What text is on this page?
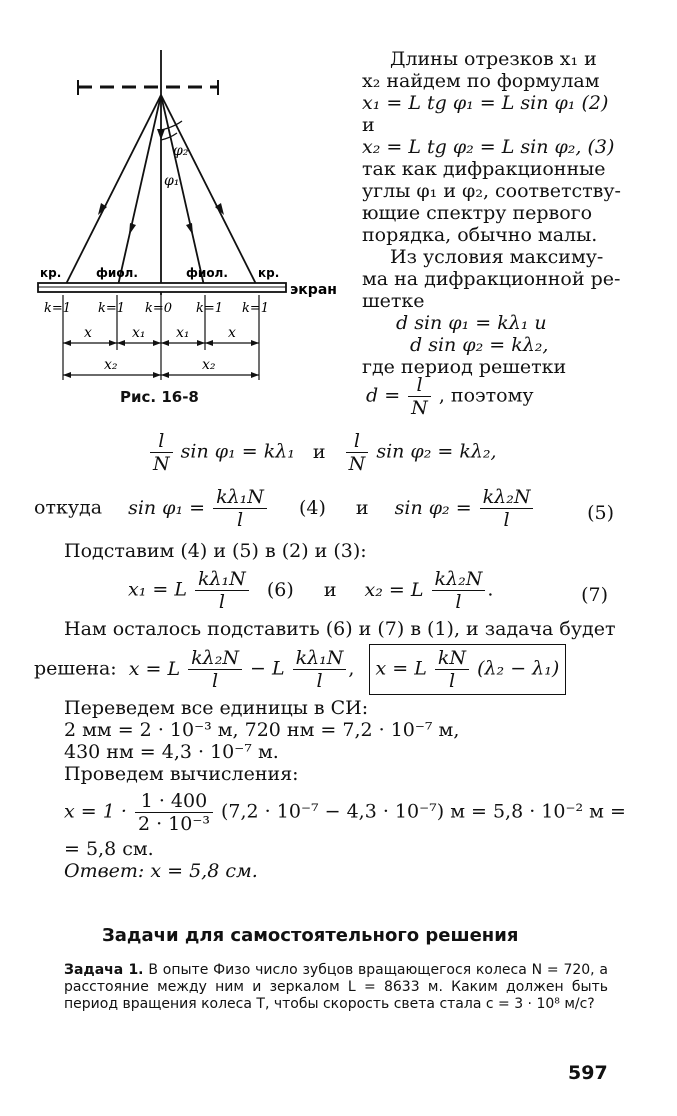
φ₂
φ₁
кр.	фиол.	фиол.	кр.
экран
k=1 k=1 k=0 k=1 k=1
x	x₁ x₁	x
x₂	x₂
Рис. 16-8
Длины отрезков x₁ и
x₂ найдем по формулам
x₁ = L tg φ₁ = L sin φ₁ (2)
и
x₂ = L tg φ₂ = L sin φ₂, (3)
так как дифракционные
углы φ₁ и φ₂, соответству-
ющие спектру первого
порядка, обычно малы.
Из условия максиму-
ма на дифракционной ре-
шетке
d sin φ₁ = kλ₁ и
d sin φ₂ = kλ₂,
где период решетки
$d = \frac{l}{N}$ , поэтому
$\frac{l}{N}$ sin φ₁ = kλ₁ и $\frac{l}{N}$ sin φ₂ = kλ₂,
откуда $\sin \varphi_1 = \frac{\text{kλ₁N}}{l} (4)$ и $\sin \varphi_2 = \frac{\text{kλ₂N}}{l}$	(5)
Подставим (4) и (5) в (2) и (3):
x₁ = L $\frac{\text{kλ₁N}}{l} (6)$ и x₂ = L $\frac{\text{kλ₂N}}{l}$ .	(7)
Нам осталось подставить (6) и (7) в (1), и задача будет
решена: x = L $\frac{\text{kλ₂N}}{l} - L \frac{\text{kλ₁N}}{l}$ , x = L $\frac{kN}{l} (\lambda_2 - \lambda_1)$
Переведем все единицы в СИ:
2 мм = 2 · 10⁻³ м, 720 нм = 7,2 · 10⁻⁷ м,
430 нм = 4,3 · 10⁻⁷ м.
Проведем вычисления:
$x = 1 \cdot \frac{1 \cdot 400}{\text{2 · 10⁻³}} (7,2 \cdot 10^{-7} - 4,3 \cdot 10^{-7}) м = 5,8 \cdot 10^{-2}$ м =
= 5,8 см.
Ответ: x = 5,8 см.
Задачи для самостоятельного решения
Задача 1. В опыте Физо число зубцов вращающегося колеса N = 720, а расстояние между ним и зеркалом L = 8633 м. Каким должен быть период вращения колеса T, чтобы скорость света стала c = 3 · 10⁸ м/с?
597
